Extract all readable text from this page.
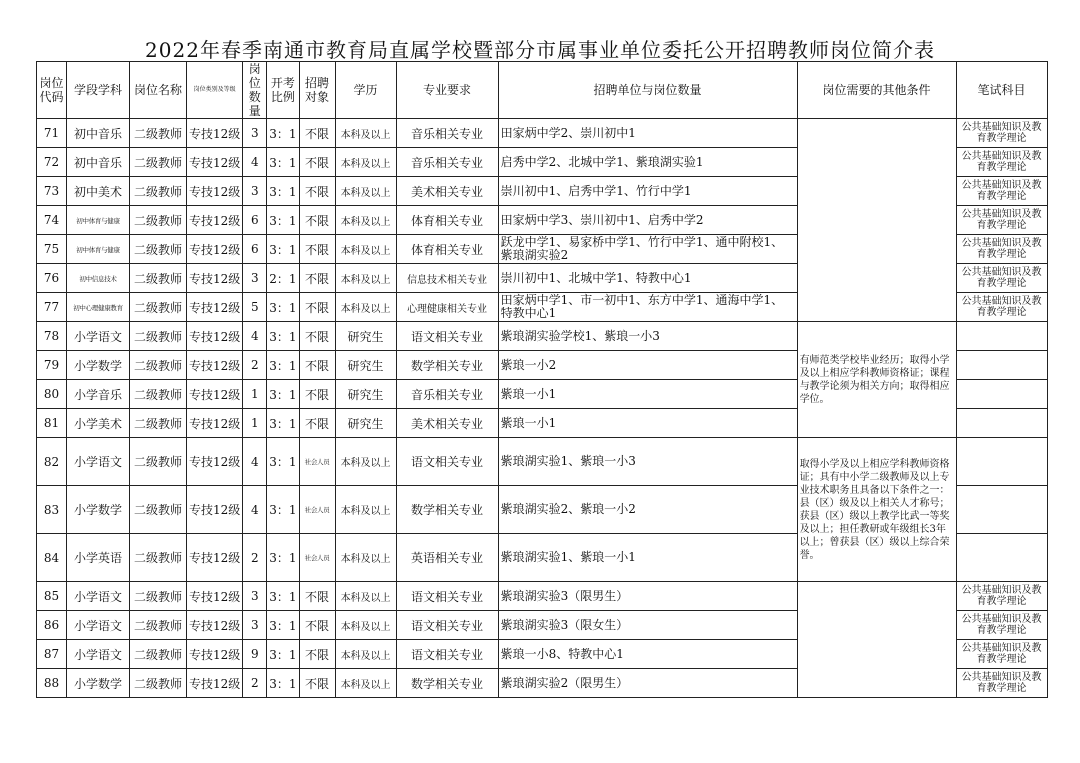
2022年春季南通市教育局直属学校暨部分市属事业单位委托公开招聘教师岗位简介表
岗位代码	学段学科	岗位名称	岗位类别及等级	岗位数量	开考比例	招聘对象	学历	专业要求	招聘单位与岗位数量	岗位需要的其他条件	笔试科目
71	初中音乐	二级教师	专技12级	3	3：1	不限	本科及以上	音乐相关专业	田家炳中学2、崇川初中1		公共基础知识及教育教学理论
72	初中音乐	二级教师	专技12级	4	3：1	不限	本科及以上	音乐相关专业	启秀中学2、北城中学1、紫琅湖实验1		公共基础知识及教育教学理论
73	初中美术	二级教师	专技12级	3	3：1	不限	本科及以上	美术相关专业	崇川初中1、启秀中学1、竹行中学1		公共基础知识及教育教学理论
74	初中体育与健康	二级教师	专技12级	6	3：1	不限	本科及以上	体育相关专业	田家炳中学3、崇川初中1、启秀中学2		公共基础知识及教育教学理论
75	初中体育与健康	二级教师	专技12级	6	3：1	不限	本科及以上	体育相关专业	跃龙中学1、易家桥中学1、竹行中学1、通中附校1、紫琅湖实验2		公共基础知识及教育教学理论
76	初中信息技术	二级教师	专技12级	3	2：1	不限	本科及以上	信息技术相关专业	崇川初中1、北城中学1、特教中心1		公共基础知识及教育教学理论
77	初中心理健康教育	二级教师	专技12级	5	3：1	不限	本科及以上	心理健康相关专业	田家炳中学1、市一初中1、东方中学1、通海中学1、特教中心1		公共基础知识及教育教学理论
78	小学语文	二级教师	专技12级	4	3：1	不限	研究生	语文相关专业	紫琅湖实验学校1、紫琅一小3	有师范类学校毕业经历；取得小学及以上相应学科教师资格证；课程与教学论须为相关方向；取得相应学位。	
79	小学数学	二级教师	专技12级	2	3：1	不限	研究生	数学相关专业	紫琅一小2		
80	小学音乐	二级教师	专技12级	1	3：1	不限	研究生	音乐相关专业	紫琅一小1		
81	小学美术	二级教师	专技12级	1	3：1	不限	研究生	美术相关专业	紫琅一小1		
82	小学语文	二级教师	专技12级	4	3：1	社会人员	本科及以上	语文相关专业	紫琅湖实验1、紫琅一小3	取得小学及以上相应学科教师资格证；具有中小学二级教师及以上专业技术职务且具备以下条件之一：县（区）级及以上相关人才称号；获县（区）级以上教学比武一等奖及以上；担任教研或年级组长3年以上；曾获县（区）级以上综合荣誉。	
83	小学数学	二级教师	专技12级	4	3：1	社会人员	本科及以上	数学相关专业	紫琅湖实验2、紫琅一小2		
84	小学英语	二级教师	专技12级	2	3：1	社会人员	本科及以上	英语相关专业	紫琅湖实验1、紫琅一小1		
85	小学语文	二级教师	专技12级	3	3：1	不限	本科及以上	语文相关专业	紫琅湖实验3（限男生）		公共基础知识及教育教学理论
86	小学语文	二级教师	专技12级	3	3：1	不限	本科及以上	语文相关专业	紫琅湖实验3（限女生）		公共基础知识及教育教学理论
87	小学语文	二级教师	专技12级	9	3：1	不限	本科及以上	语文相关专业	紫琅一小8、特教中心1		公共基础知识及教育教学理论
88	小学数学	二级教师	专技12级	2	3：1	不限	本科及以上	数学相关专业	紫琅湖实验2（限男生）		公共基础知识及教育教学理论
